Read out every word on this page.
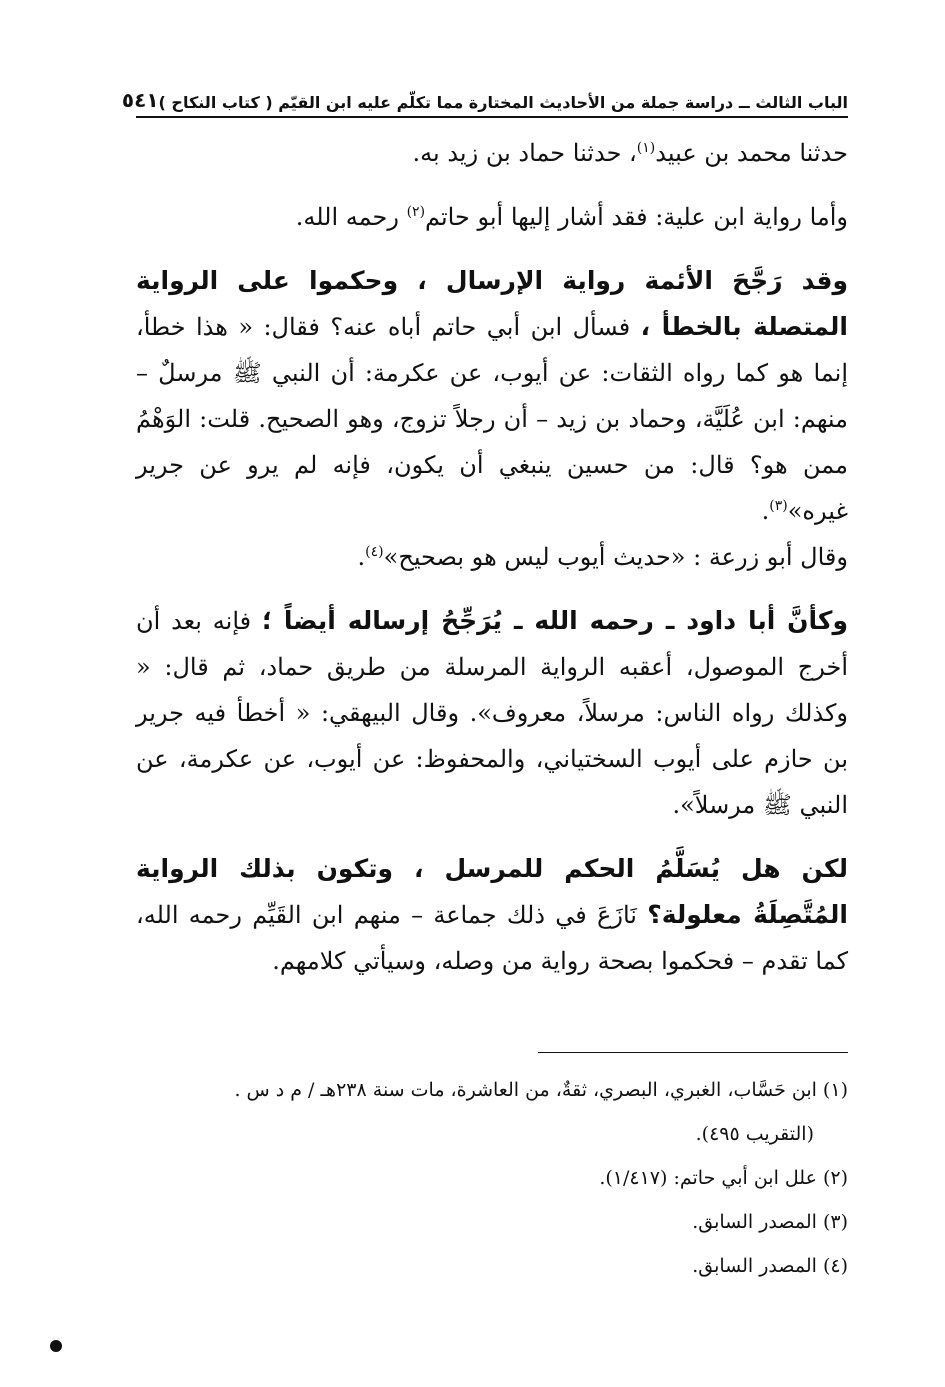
الباب الثالث ــ دراسة جملة من الأحاديث المختارة مما تكلّم عليه ابن القيّم ( كتاب النكاح )
٥٤١

حدثنا محمد بن عبيد$^{(١)}$، حدثنا حماد بن زيد به.

وأما رواية ابن علية: فقد أشار إليها أبو حاتم$^{(٢)}$ رحمه الله.

وقد رَجَّحَ الأئمة رواية الإرسال ، وحكموا على الرواية المتصلة بالخطأ ، فسأل ابن أبي حاتم أباه عنه؟ فقال: « هذا خطأ، إنما هو كما رواه الثقات: عن أيوب، عن عكرمة: أن النبي ﷺ مرسلٌ – منهم: ابن عُلَيَّة، وحماد بن زيد – أن رجلاً تزوج، وهو الصحيح. قلت: الوَهْمُ ممن هو؟ قال: من حسين ينبغي أن يكون، فإنه لم يرو عن جرير غيره»$^{(٣)}$.

وقال أبو زرعة : «حديث أيوب ليس هو بصحيح»$^{(٤)}$.

وكأنَّ أبا داود ـ رحمه الله ـ يُرَجِّحُ إرساله أيضاً ؛ فإنه بعد أن أخرج الموصول، أعقبه الرواية المرسلة من طريق حماد، ثم قال: « وكذلك رواه الناس: مرسلاً، معروف». وقال البيهقي: « أخطأ فيه جرير بن حازم على أيوب السختياني، والمحفوظ: عن أيوب، عن عكرمة، عن النبي ﷺ مرسلاً».

لكن هل يُسَلَّمُ الحكم للمرسل ، وتكون بذلك الرواية المُتَّصِلَةُ معلولة؟ نَازَعَ في ذلك جماعة – منهم ابن القَيِّم رحمه الله، كما تقدم – فحكموا بصحة رواية من وصله، وسيأتي كلامهم.

(١) ابن حَسَّاب، الغبري، البصري، ثقةٌ، من العاشرة، مات سنة ٢٣٨هـ / م د س .

(التقريب ٤٩٥).

(٢) علل ابن أبي حاتم: (١/٤١٧).

(٣) المصدر السابق.

(٤) المصدر السابق.
